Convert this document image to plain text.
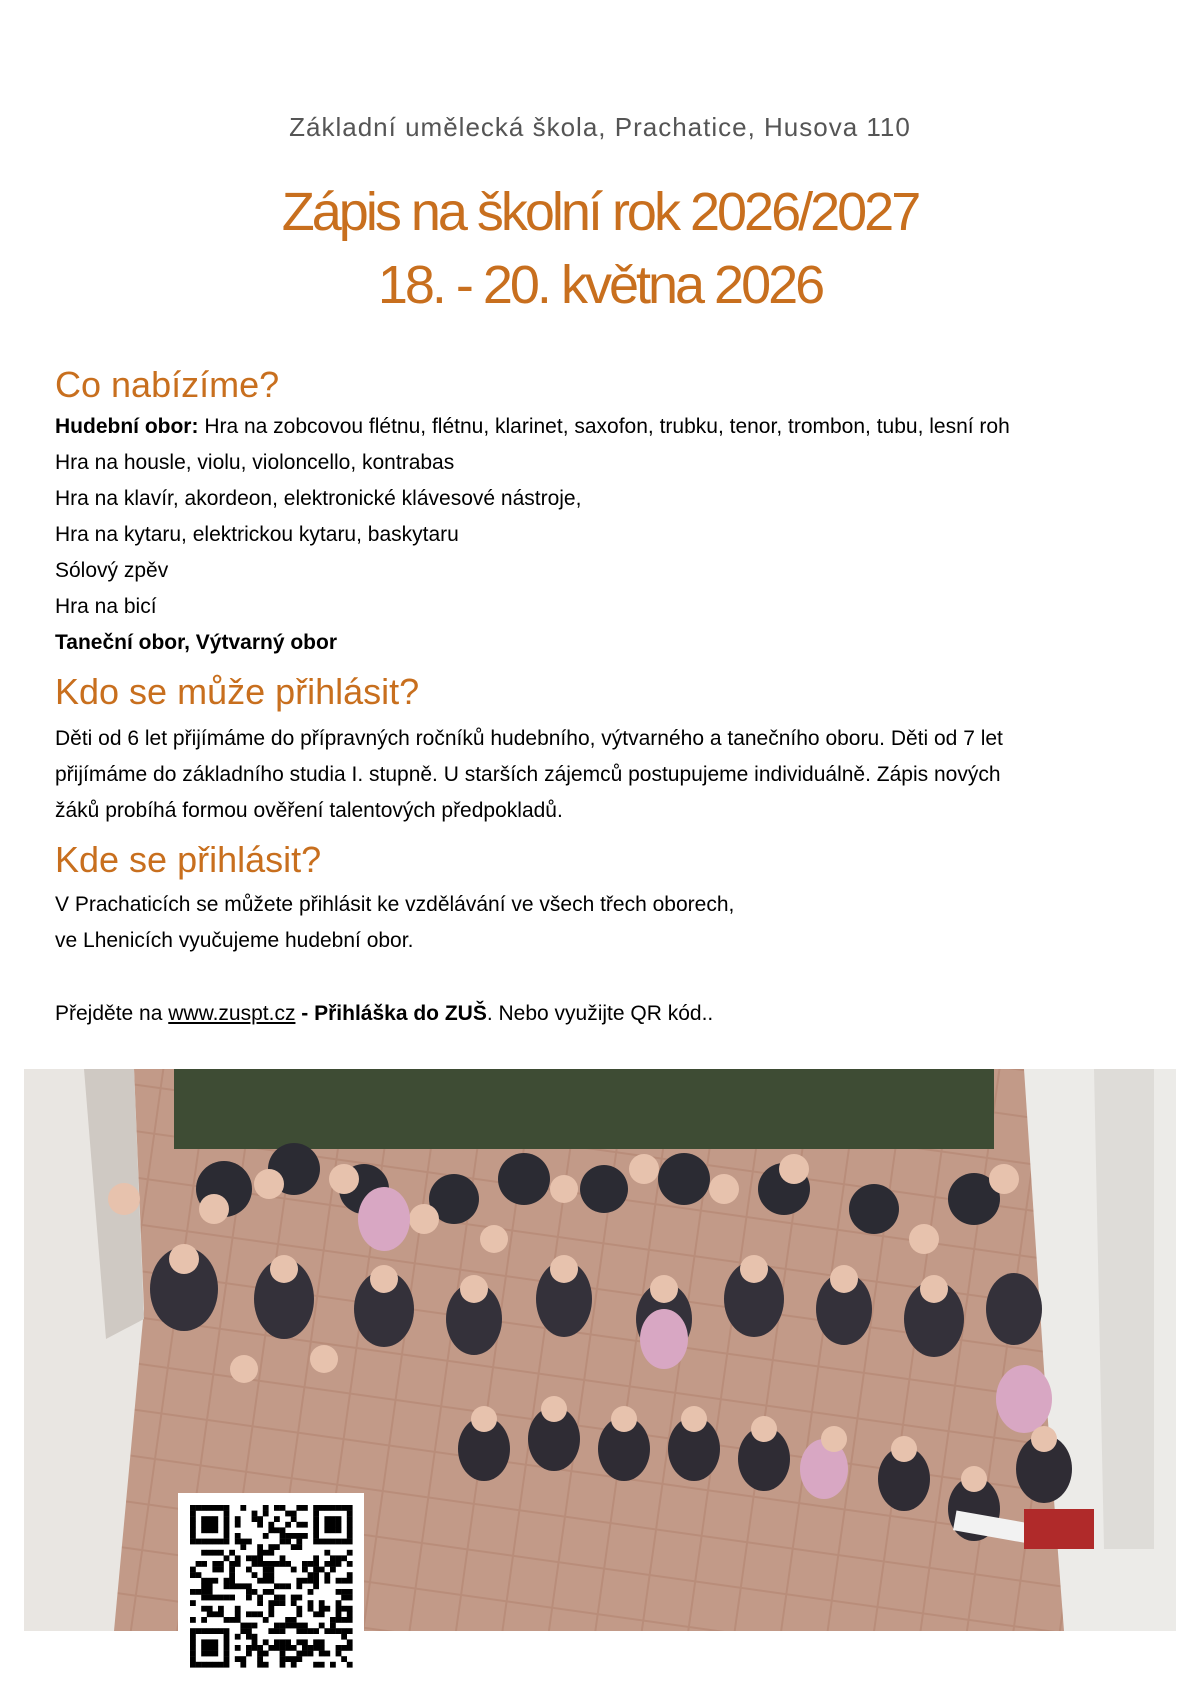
Základní umělecká škola, Prachatice, Husova 110
Zápis na školní rok 2026/2027
18. - 20. května 2026
Co nabízíme?
Hudební obor: Hra na zobcovou flétnu, flétnu, klarinet, saxofon, trubku, tenor, trombon, tubu, lesní roh
Hra na housle, violu, violoncello, kontrabas
Hra na klavír, akordeon, elektronické klávesové nástroje,
Hra na kytaru, elektrickou kytaru, baskytaru
Sólový zpěv
Hra na bicí
Taneční obor, Výtvarný obor
Kdo se může přihlásit?
Děti od 6 let přijímáme do přípravných ročníků hudebního, výtvarného a tanečního oboru. Děti od 7 let
přijímáme do základního studia I. stupně. U starších zájemců postupujeme individuálně. Zápis nových
žáků probíhá formou ověření talentových předpokladů.
Kde se přihlásit?
V Prachaticích se můžete přihlásit ke vzdělávání ve všech třech oborech,
ve Lhenicích vyučujeme hudební obor.
Přejděte na www.zuspt.cz - Přihláška do ZUŠ. Nebo využijte QR kód..
